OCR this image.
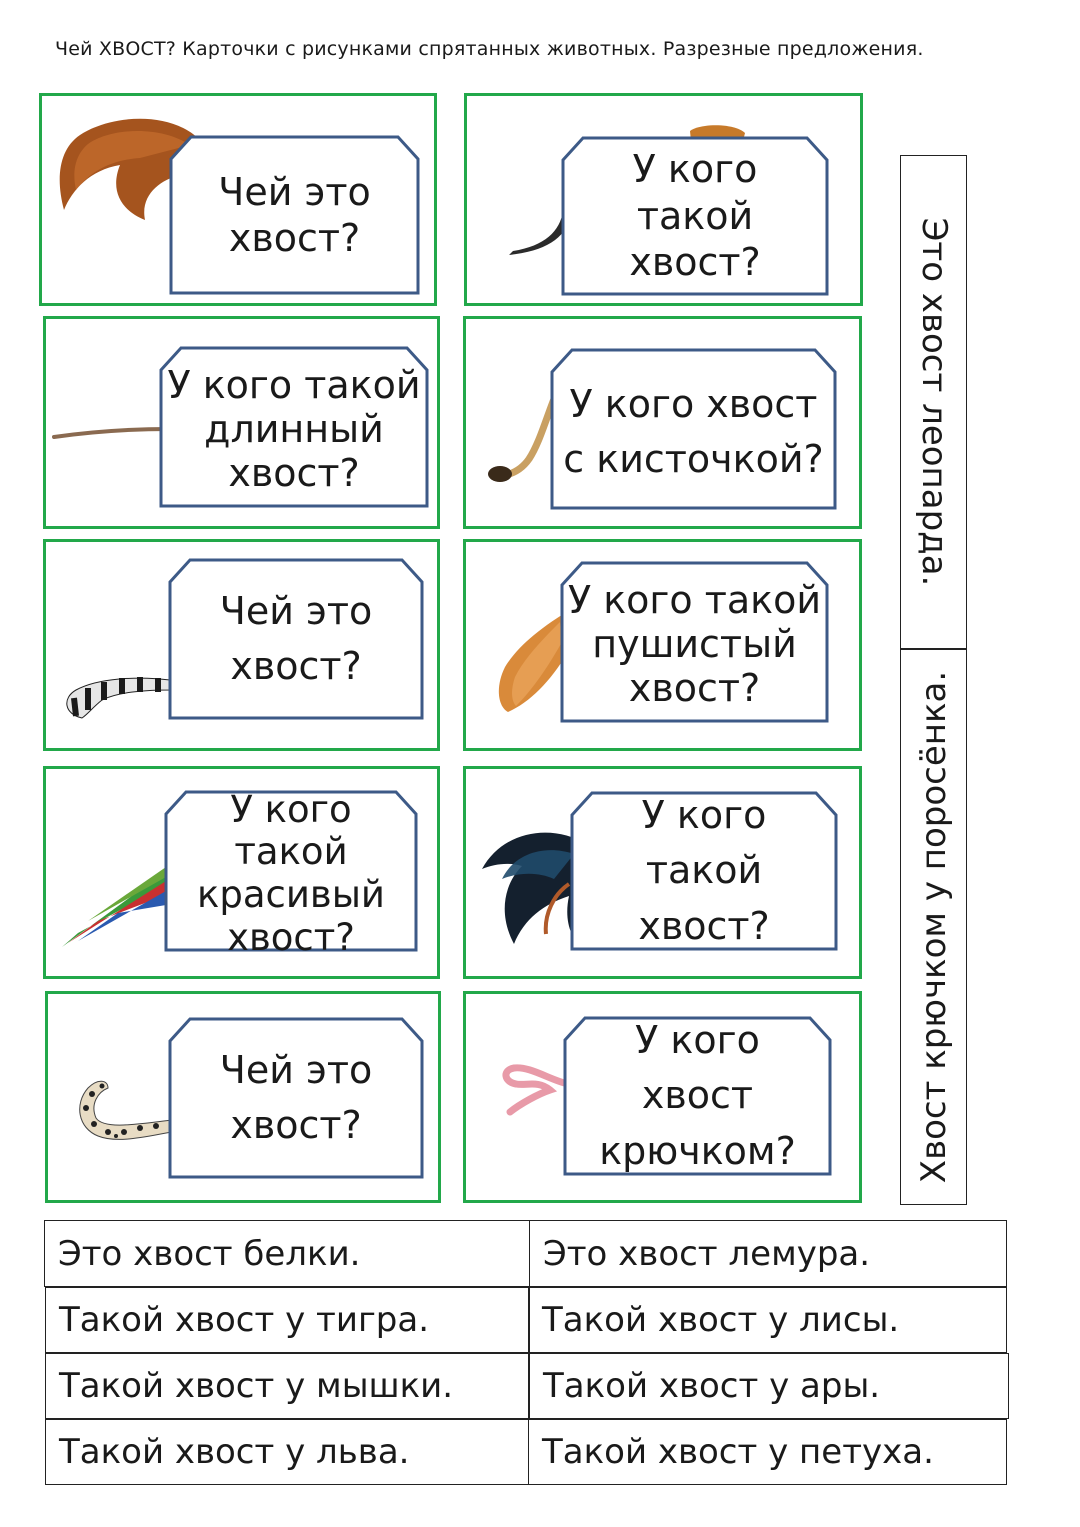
Чей ХВОСТ? Карточки с рисунками спрятанных животных. Разрезные предложения.
Чей это хвост?
У кого такой хвост?
У кого такой длинный хвост?
У кого хвост с кисточкой?
Чей это хвост?
У кого такой пушистый хвост?
У кого такой красивый хвост?
У кого такой хвост?
Чей это хвост?
У кого хвост крючком?
Это хвост леопарда.
Хвост крючком у поросёнка.
Это хвост белки.	Это хвост лемура.
Такой хвост у тигра.	Такой хвост у лисы.
Такой хвост у мышки.	Такой хвост у ары.
Такой хвост у льва.	Такой хвост у петуха.
